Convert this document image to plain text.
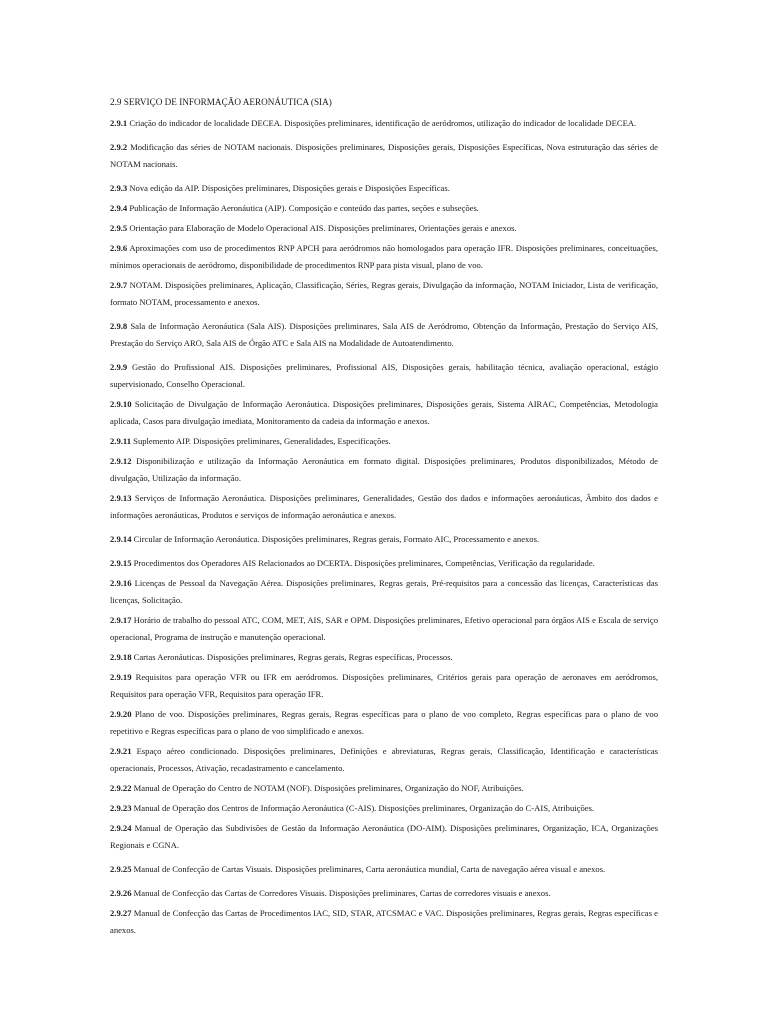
2.9 SERVIÇO DE INFORMAÇÃO AERONÁUTICA (SIA)

2.9.1 Criação do indicador de localidade DECEA. Disposições preliminares, identificação de aeródromos, utilização do indicador de localidade DECEA.

2.9.2 Modificação das séries de NOTAM nacionais. Disposições preliminares, Disposições gerais, Disposições Específicas, Nova estruturação das séries de NOTAM nacionais.

2.9.3 Nova edição da AIP. Disposições preliminares, Disposições gerais e Disposições Específicas.

2.9.4 Publicação de Informação Aeronáutica (AIP). Composição e conteúdo das partes, seções e subseções.

2.9.5 Orientação para Elaboração de Modelo Operacional AIS. Disposições preliminares, Orientações gerais e anexos.

2.9.6 Aproximações com uso de procedimentos RNP APCH para aeródromos não homologados para operação IFR. Disposições preliminares, conceituações, mínimos operacionais de aeródromo, disponibilidade de procedimentos RNP para pista visual, plano de voo.

2.9.7 NOTAM. Disposições preliminares, Aplicação, Classificação, Séries, Regras gerais, Divulgação da informação, NOTAM Iniciador, Lista de verificação, formato NOTAM, processamento e anexos.

2.9.8 Sala de Informação Aeronáutica (Sala AIS). Disposições preliminares, Sala AIS de Aeródromo, Obtenção da Informação, Prestação do Serviço AIS, Prestação do Serviço ARO, Sala AIS de Órgão ATC e Sala AIS na Modalidade de Autoatendimento.

2.9.9 Gestão do Profissional AIS. Disposições preliminares, Profissional AIS, Disposições gerais, habilitação técnica, avaliação operacional, estágio supervisionado, Conselho Operacional.

2.9.10 Solicitação de Divulgação de Informação Aeronáutica. Disposições preliminares, Disposições gerais, Sistema AIRAC, Competências, Metodologia aplicada, Casos para divulgação imediata, Monitoramento da cadeia da informação e anexos.

2.9.11 Suplemento AIP. Disposições preliminares, Generalidades, Especificações.

2.9.12 Disponibilização e utilização da Informação Aeronáutica em formato digital. Disposições preliminares, Produtos disponibilizados, Método de divulgação, Utilização da informação.

2.9.13 Serviços de Informação Aeronáutica. Disposições preliminares, Generalidades, Gestão dos dados e informações aeronáuticas, Âmbito dos dados e informações aeronáuticas, Produtos e serviços de informação aeronáutica e anexos.

2.9.14 Circular de Informação Aeronáutica. Disposições preliminares, Regras gerais, Formato AIC, Processamento e anexos.

2.9.15 Procedimentos dos Operadores AIS Relacionados ao DCERTA. Disposições preliminares, Competências, Verificação da regularidade.

2.9.16 Licenças de Pessoal da Navegação Aérea. Disposições preliminares, Regras gerais, Pré-requisitos para a concessão das licenças, Características das licenças, Solicitação.

2.9.17 Horário de trabalho do pessoal ATC, COM, MET, AIS, SAR e OPM. Disposições preliminares, Efetivo operacional para órgãos AIS e Escala de serviço operacional, Programa de instrução e manutenção operacional.

2.9.18 Cartas Aeronáuticas. Disposições preliminares, Regras gerais, Regras específicas, Processos.

2.9.19 Requisitos para operação VFR ou IFR em aeródromos. Disposições preliminares, Critérios gerais para operação de aeronaves em aeródromos, Requisitos para operação VFR, Requisitos para operação IFR.

2.9.20 Plano de voo. Disposições preliminares, Regras gerais, Regras específicas para o plano de voo completo, Regras específicas para o plano de voo repetitivo e Regras específicas para o plano de voo simplificado e anexos.

2.9.21 Espaço aéreo condicionado. Disposições preliminares, Definições e abreviaturas, Regras gerais, Classificação, Identificação e características operacionais, Processos, Ativação, recadastramento e cancelamento.

2.9.22 Manual de Operação do Centro de NOTAM (NOF). Disposições preliminares, Organização do NOF, Atribuições.

2.9.23 Manual de Operação dos Centros de Informação Aeronáutica (C-AIS). Disposições preliminares, Organização do C-AIS, Atribuições.

2.9.24 Manual de Operação das Subdivisões de Gestão da Informação Aeronáutica (DO-AIM). Disposições preliminares, Organização, ICA, Organizações Regionais e CGNA.

2.9.25 Manual de Confecção de Cartas Visuais. Disposições preliminares, Carta aeronáutica mundial, Carta de navegação aérea visual e anexos.

2.9.26 Manual de Confecção das Cartas de Corredores Visuais. Disposições preliminares, Cartas de corredores visuais e anexos.

2.9.27 Manual de Confecção das Cartas de Procedimentos IAC, SID, STAR, ATCSMAC e VAC. Disposições preliminares, Regras gerais, Regras específicas e anexos.
